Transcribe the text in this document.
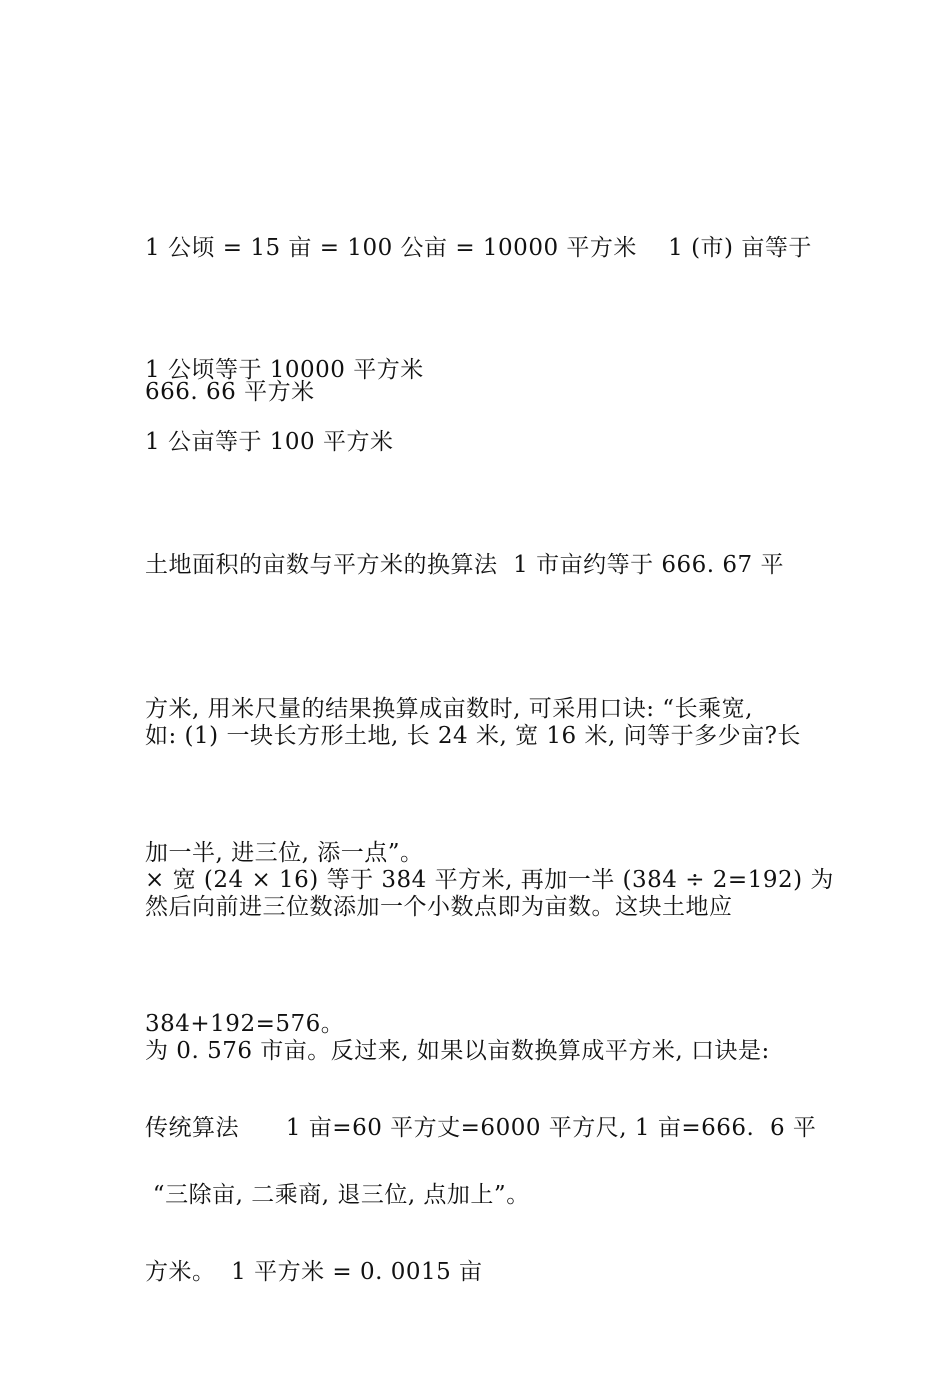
1 公顷 = 15 亩 = 100 公亩 = 10000 平方米    1 (市) 亩等于

666. 66 平方米

1 公顷等于 10000 平方米

1 公亩等于 100 平方米

土地面积的亩数与平方米的换算法  1 市亩约等于 666. 67 平

方米, 用米尺量的结果换算成亩数时, 可采用口诀: “长乘宽,

加一半, 进三位, 添一点”。

如: (1) 一块长方形土地, 长 24 米, 宽 16 米, 问等于多少亩?长

× 宽 (24 × 16) 等于 384 平方米, 再加一半 (384 ÷ 2=192) 为

384+192=576。

然后向前进三位数添加一个小数点即为亩数。这块土地应

为 0. 576 市亩。反过来, 如果以亩数换算成平方米, 口诀是:

“三除亩, 二乘商, 退三位, 点加上”。

传统算法      1 亩=60 平方丈=6000 平方尺, 1 亩=666.  6 平

方米。  1 平方米 = 0. 0015 亩
